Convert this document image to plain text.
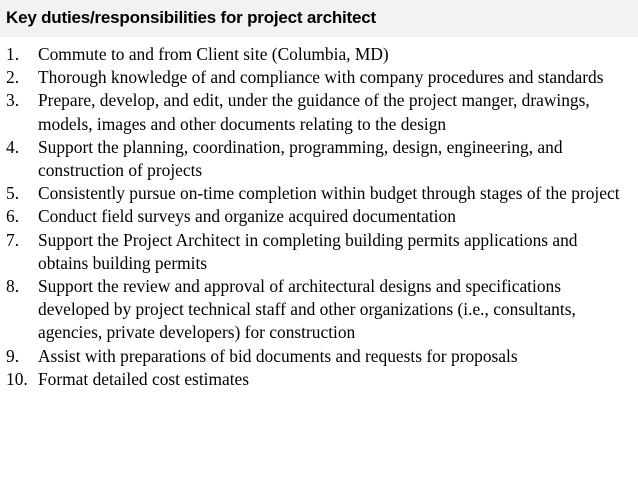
Key duties/responsibilities for project architect
1. Commute to and from Client site (Columbia, MD)
2. Thorough knowledge of and compliance with company procedures and standards
3. Prepare, develop, and edit, under the guidance of the project manger, drawings, models, images and other documents relating to the design
4. Support the planning, coordination, programming, design, engineering, and construction of projects
5. Consistently pursue on-time completion within budget through stages of the project
6. Conduct field surveys and organize acquired documentation
7. Support the Project Architect in completing building permits applications and obtains building permits
8. Support the review and approval of architectural designs and specifications developed by project technical staff and other organizations (i.e., consultants, agencies, private developers) for construction
9. Assist with preparations of bid documents and requests for proposals
10. Format detailed cost estimates
